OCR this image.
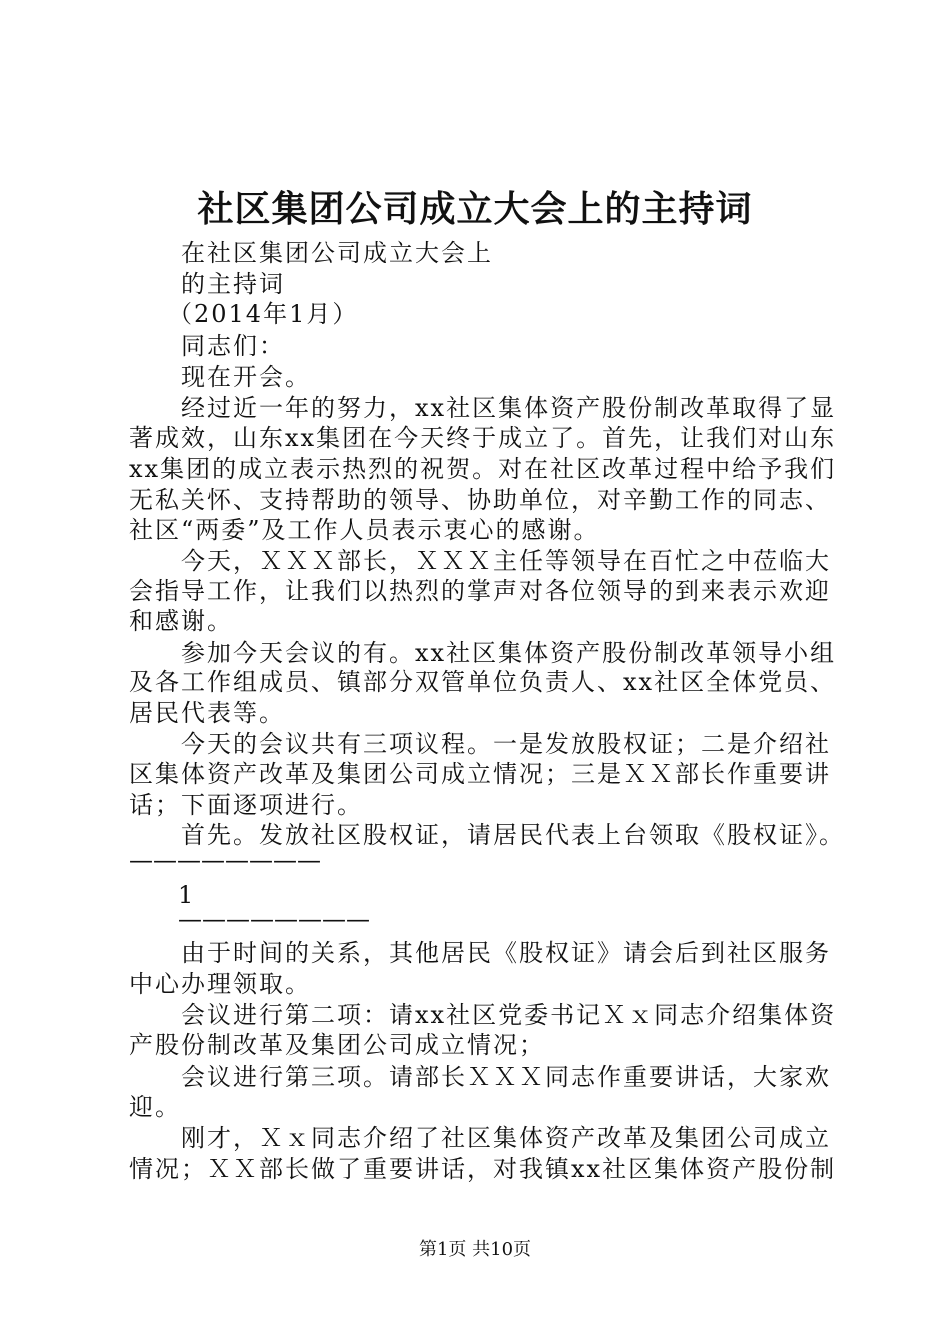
社区集团公司成立大会上的主持词
在社区集团公司成立大会上
的主持词
（2014年1月）
同志们：
现在开会。
经过近一年的努力，xx社区集体资产股份制改革取得了显
著成效，山东xx集团在今天终于成立了。首先，让我们对山东
xx集团的成立表示热烈的祝贺。对在社区改革过程中给予我们
无私关怀、支持帮助的领导、协助单位，对辛勤工作的同志、
社区“两委”及工作人员表示衷心的感谢。
今天，ＸＸＸ部长，ＸＸＸ主任等领导在百忙之中莅临大
会指导工作，让我们以热烈的掌声对各位领导的到来表示欢迎
和感谢。
参加今天会议的有。xx社区集体资产股份制改革领导小组
及各工作组成员、镇部分双管单位负责人、xx社区全体党员、
居民代表等。
今天的会议共有三项议程。一是发放股权证；二是介绍社
区集体资产改革及集团公司成立情况；三是ＸＸ部长作重要讲
话；下面逐项进行。
首先。发放社区股权证，请居民代表上台领取《股权证》。
————————
1
————————
由于时间的关系，其他居民《股权证》请会后到社区服务
中心办理领取。
会议进行第二项：请xx社区党委书记Ｘｘ同志介绍集体资
产股份制改革及集团公司成立情况；
会议进行第三项。请部长ＸＸＸ同志作重要讲话，大家欢
迎。
刚才，Ｘｘ同志介绍了社区集体资产改革及集团公司成立
情况；ＸＸ部长做了重要讲话，对我镇xx社区集体资产股份制
第1页 共10页
